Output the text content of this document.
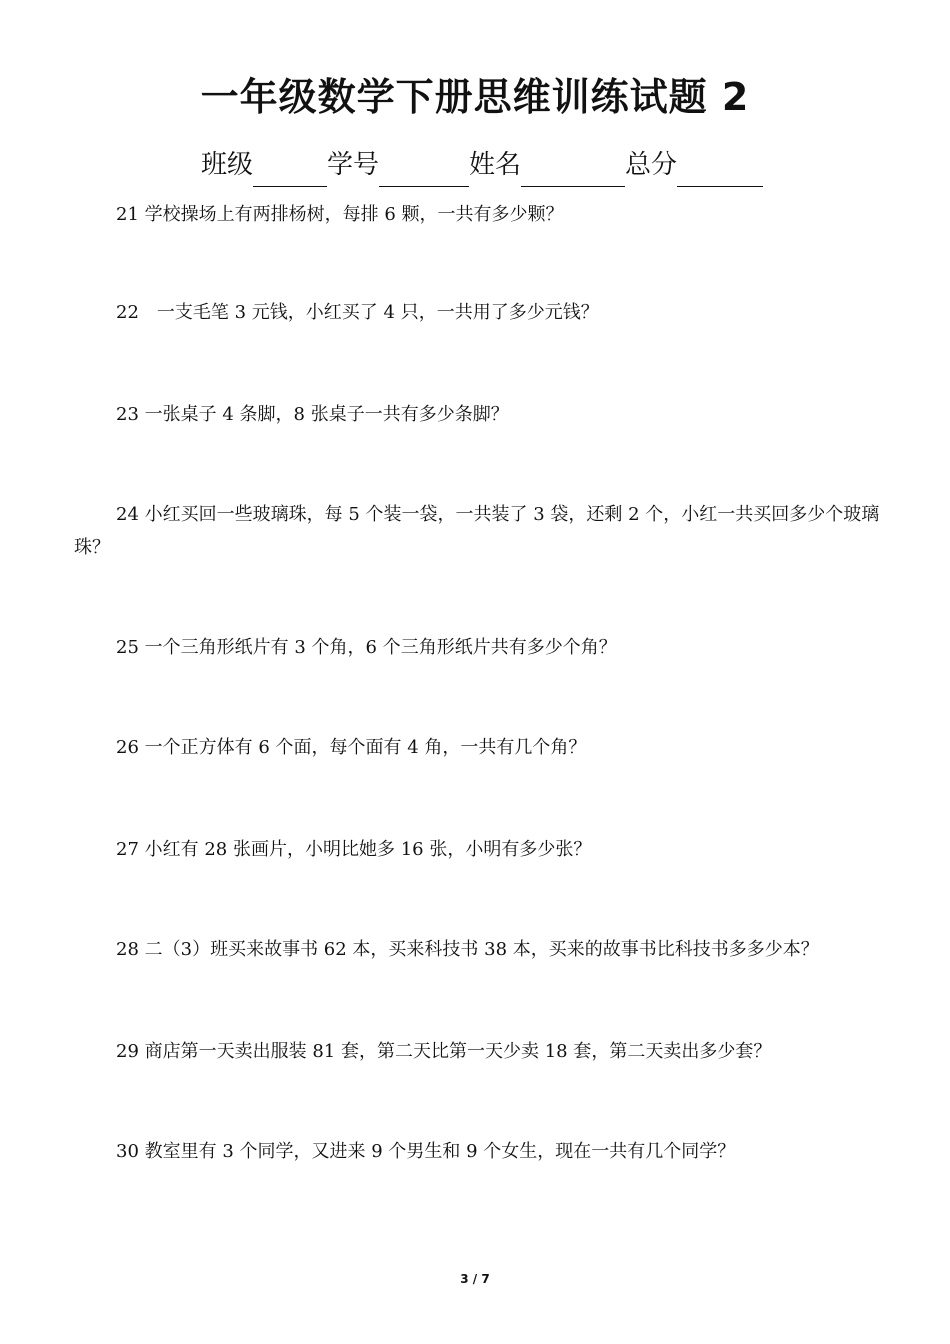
一年级数学下册思维训练试题 2
班级	学号	姓名	总分

21 学校操场上有两排杨树，每排 6 颗，一共有多少颗？

22　一支毛笔 3 元钱，小红买了 4 只，一共用了多少元钱？

23 一张桌子 4 条脚，8 张桌子一共有多少条脚？

24 小红买回一些玻璃珠，每 5 个装一袋，一共装了 3 袋，还剩 2 个，小红一共买回多少个玻璃珠？

25 一个三角形纸片有 3 个角，6 个三角形纸片共有多少个角？

26 一个正方体有 6 个面，每个面有 4 角，一共有几个角？

27 小红有 28 张画片，小明比她多 16 张，小明有多少张？

28 二（3）班买来故事书 62 本，买来科技书 38 本，买来的故事书比科技书多多少本？

29 商店第一天卖出服装 81 套，第二天比第一天少卖 18 套，第二天卖出多少套？

30 教室里有 3 个同学，又进来 9 个男生和 9 个女生，现在一共有几个同学？

3 / 7
